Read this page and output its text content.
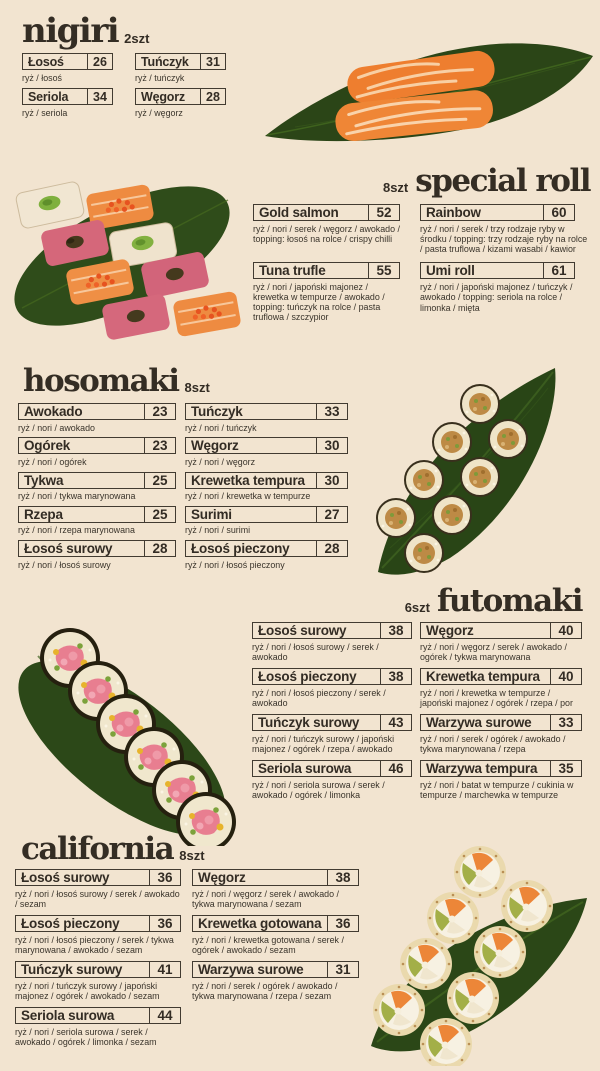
nigiri 2szt
Łosoś	26
ryż / łosoś
Seriola	34
ryż / seriola
Tuńczyk	31
ryż / tuńczyk
Węgorz	28
ryż / węgorz
8szt special roll
Gold salmon	52
ryż / nori / serek / węgorz / awokado / topping: łosoś na rolce / crispy chilli
Tuna trufle	55
ryż / nori / japoński majonez / krewetka w tempurze / awokado / topping: tuńczyk na rolce / pasta truflowa / szczypior
Rainbow	60
ryż / nori / serek / trzy rodzaje ryby w środku / topping: trzy rodzaje ryby na rolce / pasta truflowa / kizami wasabi / kawior
Umi roll	61
ryż / nori / japoński majonez / tuńczyk / awokado / topping: seriola na rolce / limonka / mięta
hosomaki 8szt
Awokado	23
ryż / nori / awokado
Ogórek	23
ryż / nori / ogórek
Tykwa	25
ryż / nori / tykwa marynowana
Rzepa	25
ryż / nori / rzepa marynowana
Łosoś surowy	28
ryż / nori / łosoś surowy
Tuńczyk	33
ryż / nori / tuńczyk
Węgorz	30
ryż / nori / węgorz
Krewetka tempura	30
ryż / nori / krewetka w tempurze
Surimi	27
ryż / nori / surimi
Łosoś pieczony	28
ryż / nori / łosoś pieczony
6szt futomaki
Łosoś surowy	38
ryż / nori / łosoś surowy / serek / awokado
Łosoś pieczony	38
ryż / nori / łosoś pieczony / serek / awokado
Tuńczyk surowy	43
ryż / nori / tuńczyk surowy / japoński majonez / ogórek / rzepa / awokado
Seriola surowa	46
ryż / nori / seriola surowa / serek / awokado / ogórek / limonka
Węgorz	40
ryż / nori / węgorz / serek / awokado / ogórek / tykwa marynowana
Krewetka tempura	40
ryż / nori / krewetka w tempurze / japoński majonez / ogórek / rzepa / por
Warzywa surowe	33
ryż / nori / serek / ogórek / awokado / tykwa marynowana / rzepa
Warzywa tempura	35
ryż / nori / batat w tempurze / cukinia w tempurze / marchewka w tempurze
california 8szt
Łosoś surowy	36
ryż / nori / łosoś surowy / serek / awokado / sezam
Łosoś pieczony	36
ryż / nori / łosoś pieczony / serek / tykwa marynowana / awokado / sezam
Tuńczyk surowy	41
ryż / nori / tuńczyk surowy / japoński majonez / ogórek / awokado / sezam
Seriola surowa	44
ryż / nori / seriola surowa / serek / awokado / ogórek / limonka / sezam
Węgorz	38
ryż / nori / węgorz / serek / awokado / tykwa marynowana / sezam
Krewetka gotowana	36
ryż / nori / krewetka gotowana / serek / ogórek / awokado / sezam
Warzywa surowe	31
ryż / nori / serek / ogórek / awokado / tykwa marynowana / rzepa / sezam
